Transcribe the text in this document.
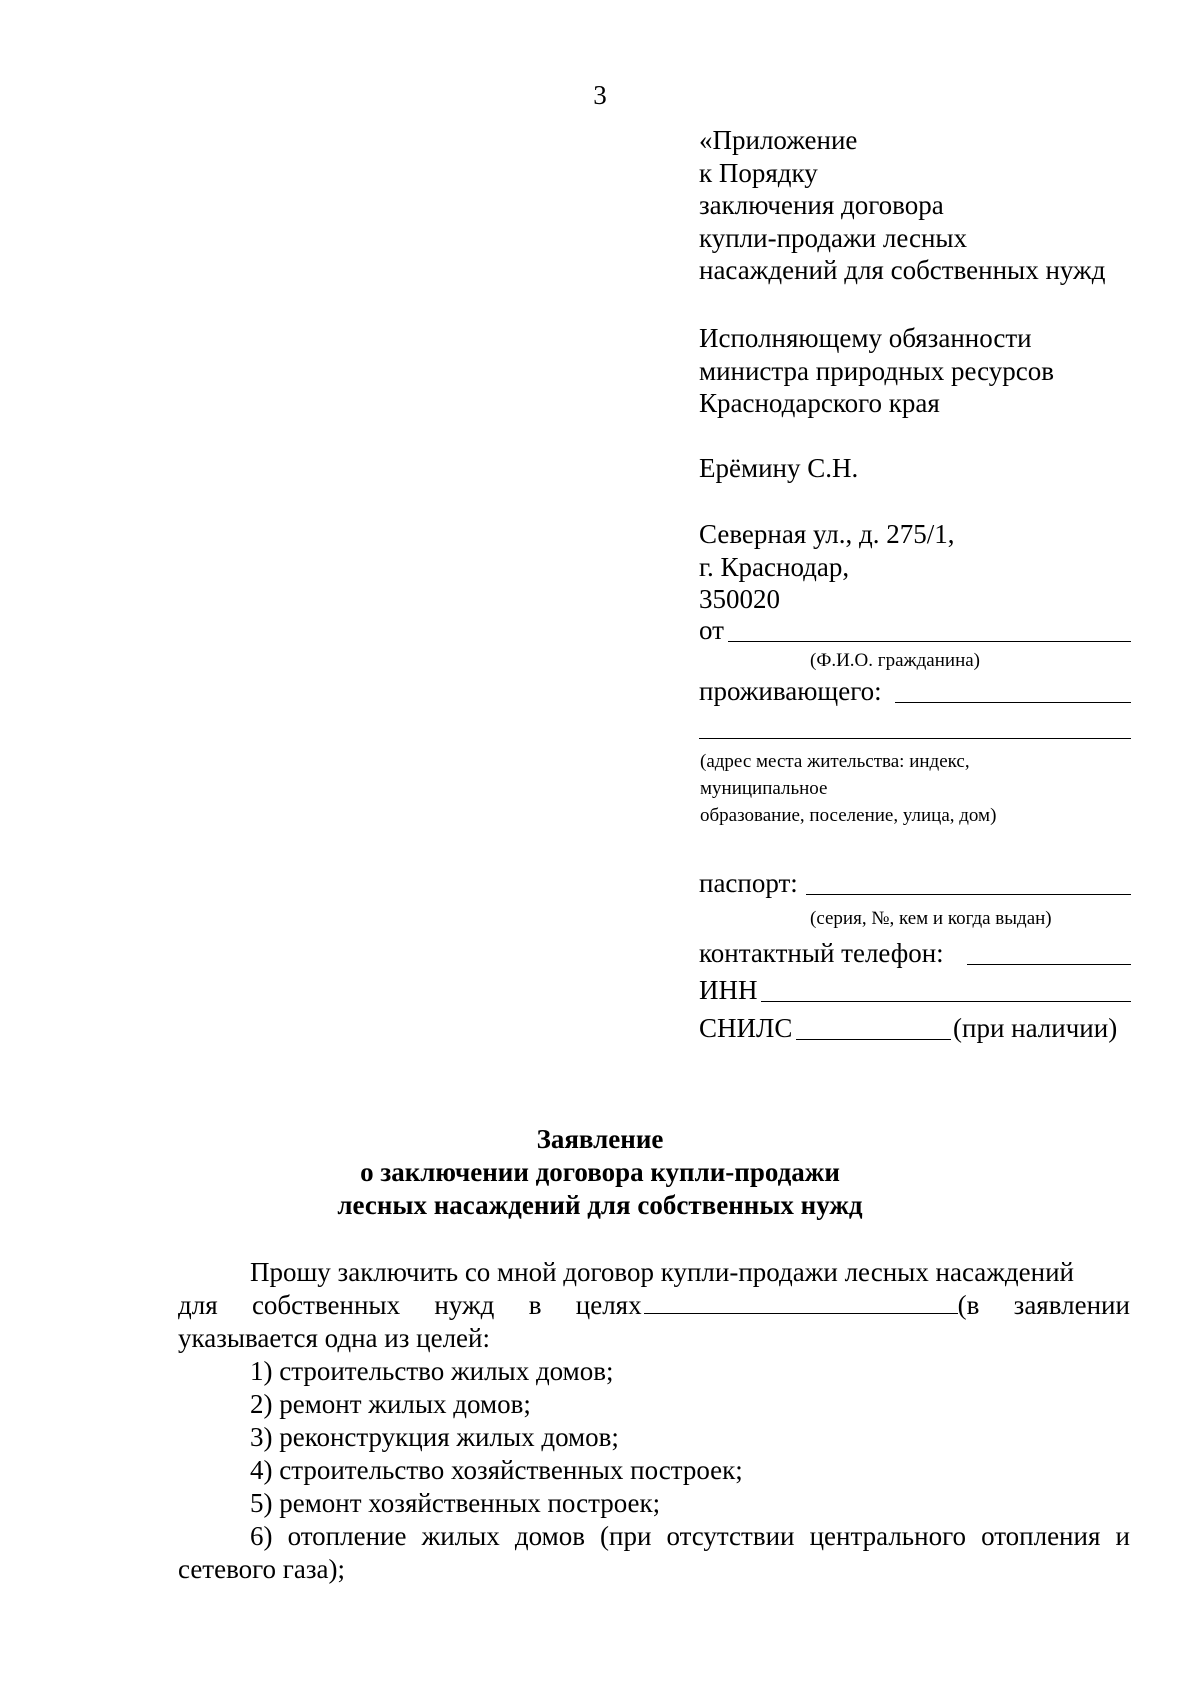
3
«Приложение
к Порядку
заключения договора
купли-продажи лесных
насаждений для собственных нужд
Исполняющему обязанности
министра природных ресурсов
Краснодарского края
Ерёмину С.Н.
Северная ул., д. 275/1,
г. Краснодар,
350020
от
(Ф.И.О. гражданина)
проживающего:
(адрес места жительства: индекс,
муниципальное
образование, поселение, улица, дом)
паспорт:
(серия, №, кем и когда выдан)
контактный телефон:
ИНН
СНИЛС	(при наличии)
Заявление
о заключении договора купли-продажи
лесных насаждений для собственных нужд
Прошу заключить со мной договор купли-продажи лесных насаждений
для собственных нужд в целях	(в заявлении
указывается одна из целей:
1) строительство жилых домов;
2) ремонт жилых домов;
3) реконструкция жилых домов;
4) строительство хозяйственных построек;
5) ремонт хозяйственных построек;
6) отопление жилых домов (при отсутствии центрального отопления и
сетевого газа);
